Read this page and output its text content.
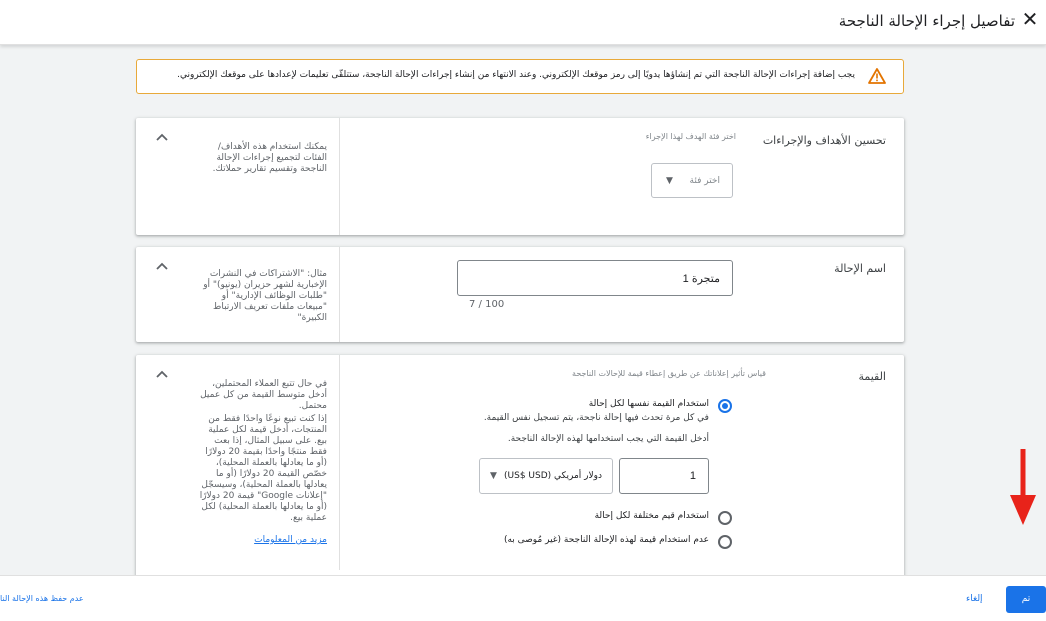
✕
تفاصيل إجراء الإحالة الناجحة
يجب إضافة إجراءات الإحالة الناجحة التي تم إنشاؤها يدويًا إلى رمز موقعك الإلكتروني. وعند الانتهاء من إنشاء إجراءات الإحالة الناجحة، ستتلقّى تعليمات لإعدادها على موقعك الإلكتروني.
يمكنك استخدام هذه الأهداف/الفئات لتجميع إجراءات الإحالة الناجحة وتقسيم تقارير حملاتك.
تحسين الأهداف والإجراءات
اختر فئة الهدف لهذا الإجراء
▼ اختر فئة
مثال: "الاشتراكات في النشرات الإخبارية لشهر حزيران (يونيو)" أو "طلبات الوظائف الإدارية" أو "مبيعات ملفات تعريف الارتباط الكبيرة"
اسم الإحالة
متجرة 1
7 / 100
في حال تتبع العملاء المحتملين، أدخل متوسط القيمة من كل عميل محتمل.
إذا كنت تبيع نوعًا واحدًا فقط من المنتجات، أدخل قيمة لكل عملية بيع. على سبيل المثال، إذا بعت فقط منتجًا واحدًا بقيمة 20 دولارًا (أو ما يعادلها بالعملة المحلية)، خصّص القيمة 20 دولارًا (أو ما يعادلها بالعملة المحلية)، وسيسجّل "إعلانات Google" قيمة 20 دولارًا (أو ما يعادلها بالعملة المحلية) لكل عملية بيع.
مزيد من المعلومات
القيمة
قياس تأثير إعلاناتك عن طريق إعطاء قيمة للإحالات الناجحة
استخدام القيمة نفسها لكل إحالة
في كل مرة تحدث فيها إحالة ناجحة، يتم تسجيل نفس القيمة.
أدخل القيمة التي يجب استخدامها لهذه الإحالة الناجحة.
1
▼ دولار أمريكي (US$ USD)
استخدام قيم مختلفة لكل إحالة
عدم استخدام قيمة لهذه الإحالة الناجحة (غير مُوصى به)
عدم حفظ هذه الإحالة النا	إلغاء	تم
